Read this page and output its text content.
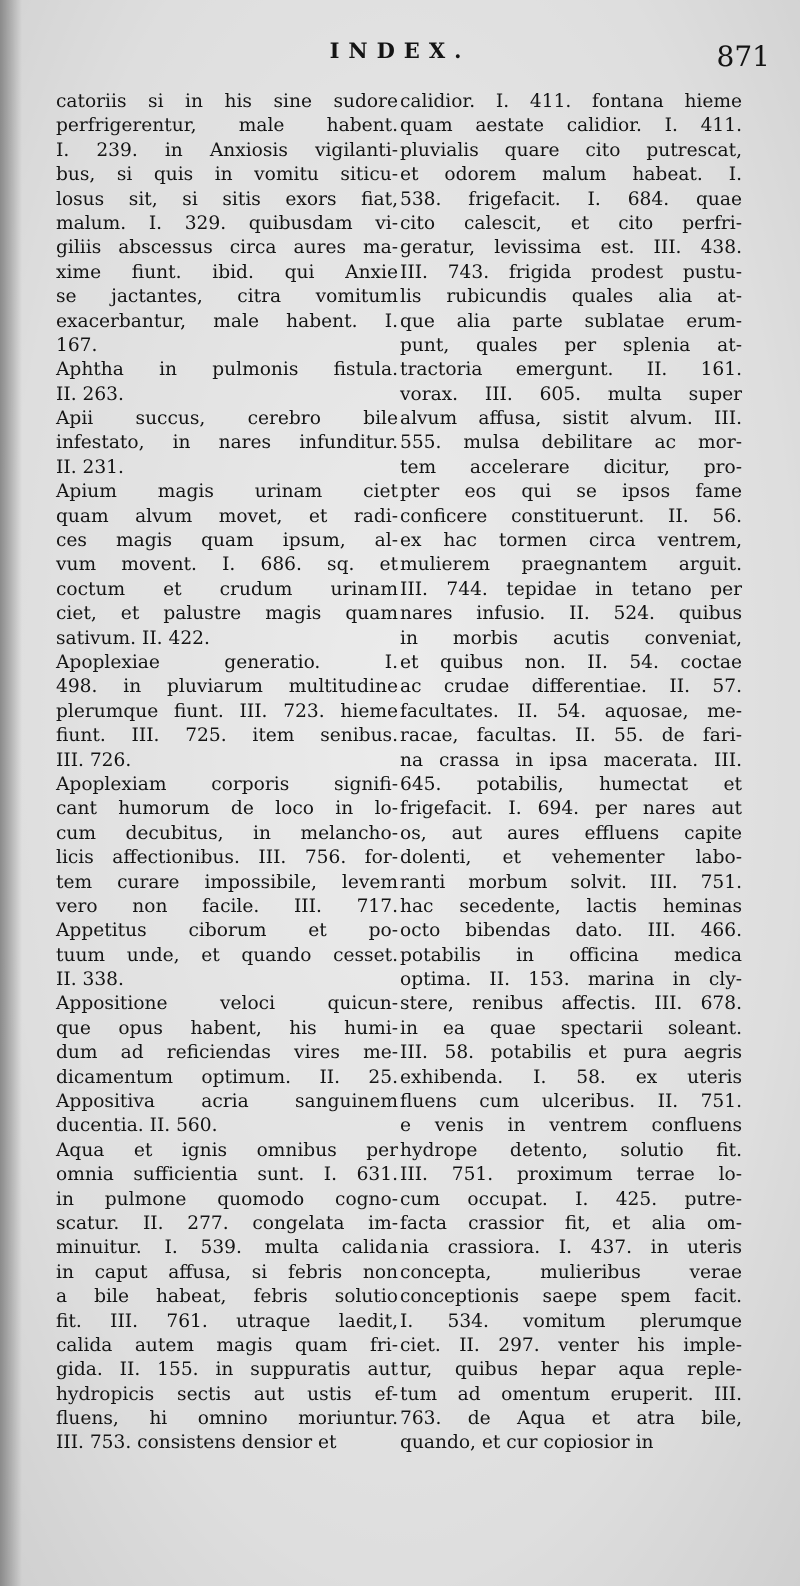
INDEX.	871
catoriis si in his sine sudore
perfrigerentur, male habent.
I. 239. in Anxiosis vigilanti-
bus, si quis in vomitu siticu-
losus sit, si sitis exors fiat,
malum. I. 329. quibusdam vi-
giliis abscessus circa aures ma-
xime fiunt. ibid. qui Anxie
se jactantes, citra vomitum
exacerbantur, male habent. I.
167.
Aphtha in pulmonis fistula.
II. 263.
Apii succus, cerebro bile
infestato, in nares infunditur.
II. 231.
Apium magis urinam ciet
quam alvum movet, et radi-
ces magis quam ipsum, al-
vum movent. I. 686. sq. et
coctum et crudum urinam
ciet, et palustre magis quam
sativum. II. 422.
Apoplexiae generatio. I.
498. in pluviarum multitudine
plerumque fiunt. III. 723. hieme
fiunt. III. 725. item senibus.
III. 726.
Apoplexiam corporis signifi-
cant humorum de loco in lo-
cum decubitus, in melancho-
licis affectionibus. III. 756. for-
tem curare impossibile, levem
vero non facile. III. 717.
Appetitus ciborum et po-
tuum unde, et quando cesset.
II. 338.
Appositione veloci quicun-
que opus habent, his humi-
dum ad reficiendas vires me-
dicamentum optimum. II. 25.
Appositiva acria sanguinem
ducentia. II. 560.
Aqua et ignis omnibus per
omnia sufficientia sunt. I. 631.
in pulmone quomodo cogno-
scatur. II. 277. congelata im-
minuitur. I. 539. multa calida
in caput affusa, si febris non
a bile habeat, febris solutio
fit. III. 761. utraque laedit,
calida autem magis quam fri-
gida. II. 155. in suppuratis aut
hydropicis sectis aut ustis ef-
fluens, hi omnino moriuntur.
III. 753. consistens densior et
calidior. I. 411. fontana hieme
quam aestate calidior. I. 411.
pluvialis quare cito putrescat,
et odorem malum habeat. I.
538. frigefacit. I. 684. quae
cito calescit, et cito perfri-
geratur, levissima est. III. 438.
III. 743. frigida prodest pustu-
lis rubicundis quales alia at-
que alia parte sublatae erum-
punt, quales per splenia at-
tractoria emergunt. II. 161.
vorax. III. 605. multa super
alvum affusa, sistit alvum. III.
555. mulsa debilitare ac mor-
tem accelerare dicitur, pro-
pter eos qui se ipsos fame
conficere constituerunt. II. 56.
ex hac tormen circa ventrem,
mulierem praegnantem arguit.
III. 744. tepidae in tetano per
nares infusio. II. 524. quibus
in morbis acutis conveniat,
et quibus non. II. 54. coctae
ac crudae differentiae. II. 57.
facultates. II. 54. aquosae, me-
racae, facultas. II. 55. de fari-
na crassa in ipsa macerata. III.
645. potabilis, humectat et
frigefacit. I. 694. per nares aut
os, aut aures effluens capite
dolenti, et vehementer labo-
ranti morbum solvit. III. 751.
hac secedente, lactis heminas
octo bibendas dato. III. 466.
potabilis in officina medica
optima. II. 153. marina in cly-
stere, renibus affectis. III. 678.
in ea quae spectarii soleant.
III. 58. potabilis et pura aegris
exhibenda. I. 58. ex uteris
fluens cum ulceribus. II. 751.
e venis in ventrem confluens
hydrope detento, solutio fit.
III. 751. proximum terrae lo-
cum occupat. I. 425. putre-
facta crassior fit, et alia om-
nia crassiora. I. 437. in uteris
concepta, mulieribus verae
conceptionis saepe spem facit.
I. 534. vomitum plerumque
ciet. II. 297. venter his imple-
tur, quibus hepar aqua reple-
tum ad omentum eruperit. III.
763. de Aqua et atra bile,
quando, et cur copiosior in
